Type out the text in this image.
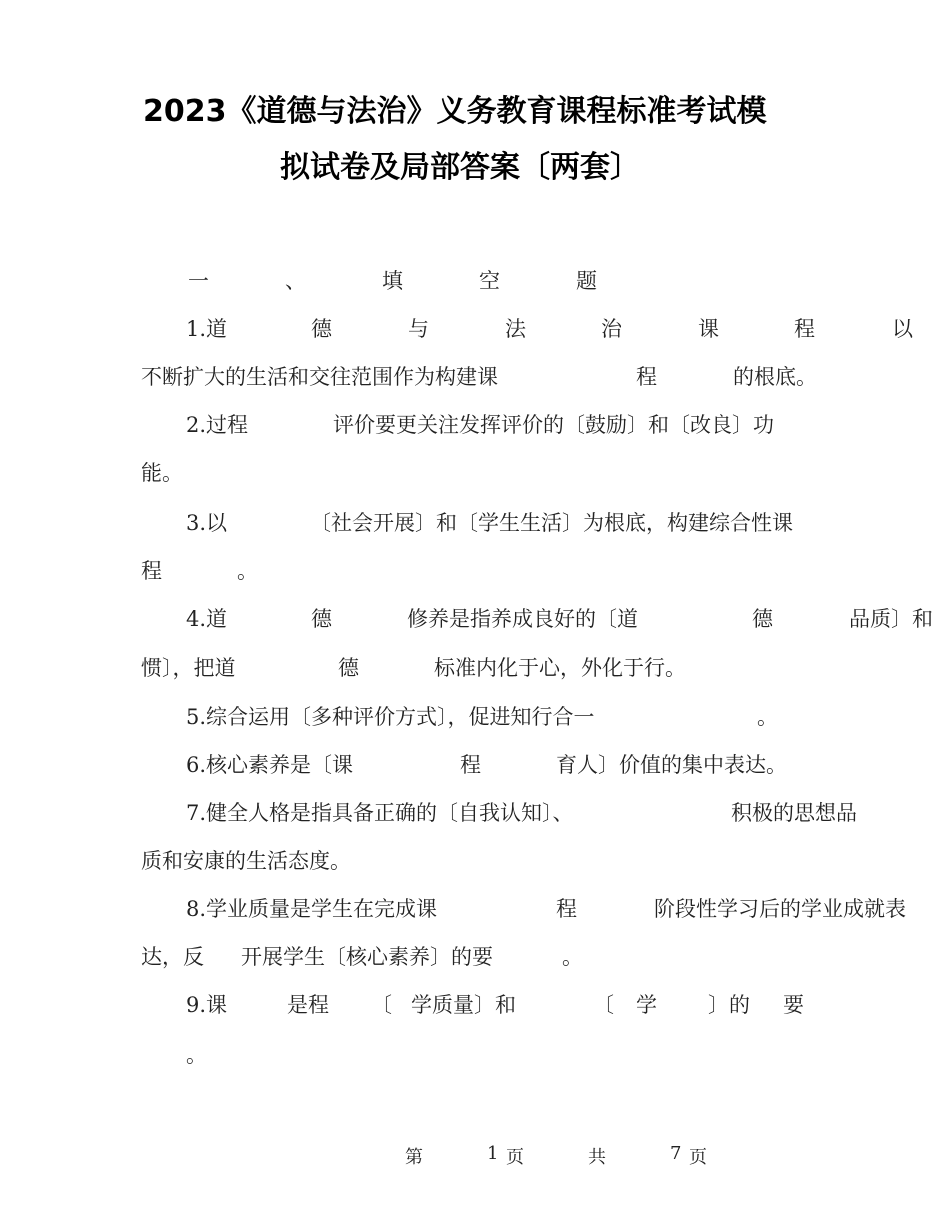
2023《道德与法治》义务教育课程标准考试模
拟试卷及局部答案〔两套〕
一	、	填	空	题
1.道	德	与	法	治	课	程	以
不断扩大的生活和交往范围作为构建课	程	的根底。
2.过程	评价要更关注发挥评价的〔鼓励〕和〔改良〕功
能。
3.以	〔社会开展〕和〔学生生活〕为根底，构建综合性课
程	。
4.道	德	修养是指养成良好的〔道	德	品质〕和
惯〕，把道	德	标准内化于心，外化于行。
5.综合运用〔多种评价方式〕，促进知行合一	。
6.核心素养是〔课	程	育人〕价值的集中表达。
7.健全人格是指具备正确的〔自我认知〕、	积极的思想品
质和安康的生活态度。
8.学业质量是学生在完成课	程	阶段性学习后的学业成就表
达，反 开展学生〔核心素养〕的要	。
9.课	是程 〔 学质量〕和	〔 学 〕的 要
。
第	1 页	共	7 页
